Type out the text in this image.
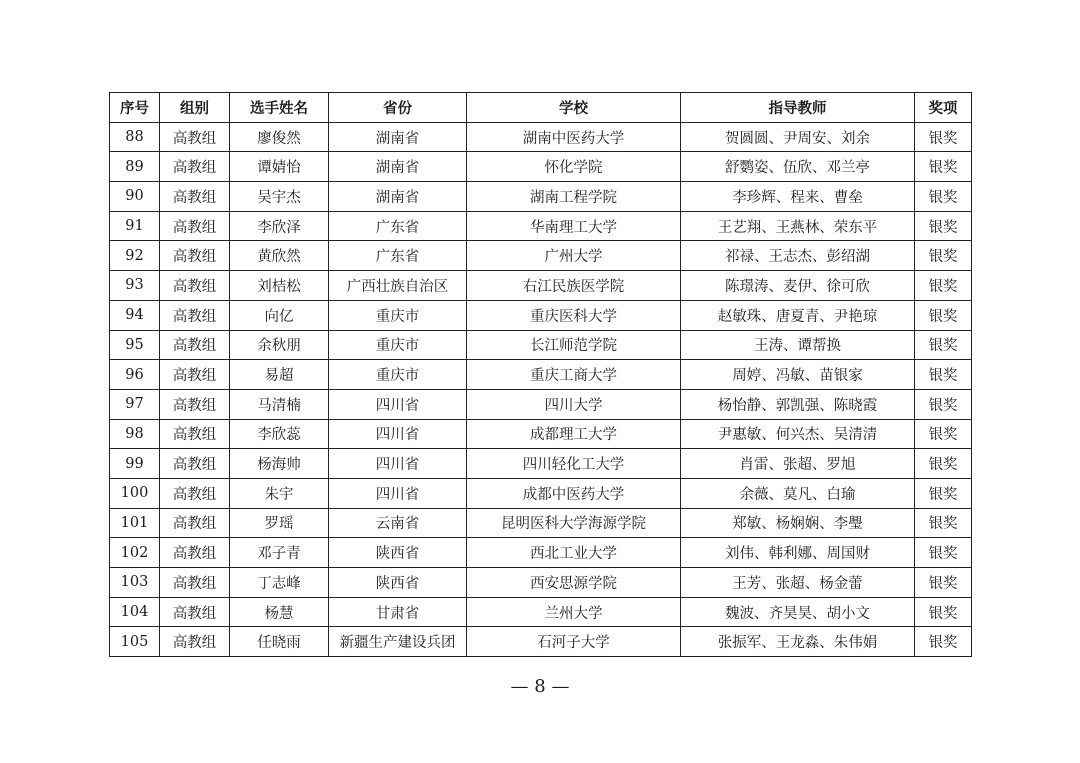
序号	组别	选手姓名	省份	学校	指导教师	奖项
88	高教组	廖俊然	湖南省	湖南中医药大学	贺圆圆、尹周安、刘余	银奖
89	高教组	谭婧怡	湖南省	怀化学院	舒鹦姿、伍欣、邓兰亭	银奖
90	高教组	吴宇杰	湖南省	湖南工程学院	李珍辉、程来、曹垒	银奖
91	高教组	李欣泽	广东省	华南理工大学	王艺翔、王燕林、荣东平	银奖
92	高教组	黄欣然	广东省	广州大学	祁禄、王志杰、彭绍湖	银奖
93	高教组	刘桔松	广西壮族自治区	右江民族医学院	陈璟涛、麦伊、徐可欣	银奖
94	高教组	向亿	重庆市	重庆医科大学	赵敏珠、唐夏青、尹艳琼	银奖
95	高教组	余秋朋	重庆市	长江师范学院	王涛、谭帮换	银奖
96	高教组	易超	重庆市	重庆工商大学	周婷、冯敏、苗银家	银奖
97	高教组	马清楠	四川省	四川大学	杨怡静、郭凯强、陈晓霞	银奖
98	高教组	李欣蕊	四川省	成都理工大学	尹惠敏、何兴杰、吴清清	银奖
99	高教组	杨海帅	四川省	四川轻化工大学	肖雷、张超、罗旭	银奖
100	高教组	朱宇	四川省	成都中医药大学	余薇、莫凡、白瑜	银奖
101	高教组	罗瑶	云南省	昆明医科大学海源学院	郑敏、杨娴娴、李璺	银奖
102	高教组	邓子青	陕西省	西北工业大学	刘伟、韩利娜、周国财	银奖
103	高教组	丁志峰	陕西省	西安思源学院	王芳、张超、杨金蕾	银奖
104	高教组	杨慧	甘肃省	兰州大学	魏波、齐昊昊、胡小文	银奖
105	高教组	任晓雨	新疆生产建设兵团	石河子大学	张振军、王龙淼、朱伟娟	银奖
— 8 —
